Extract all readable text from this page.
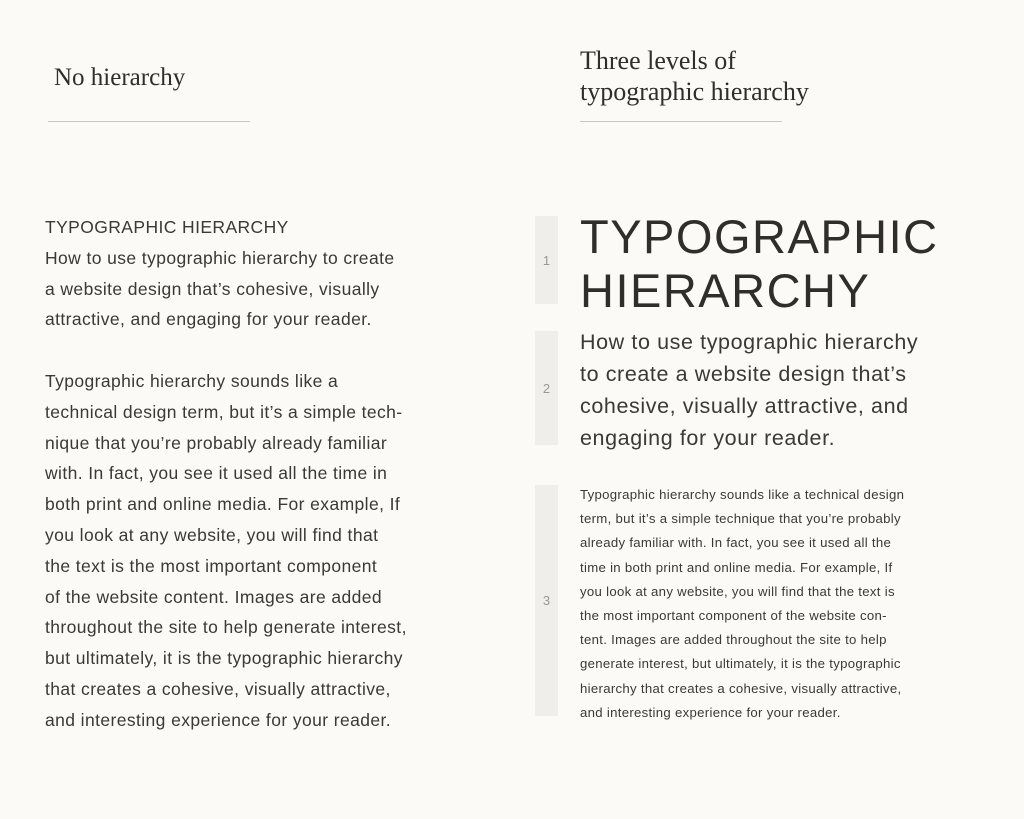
No hierarchy
Three levels of
typographic hierarchy
TYPOGRAPHIC HIERARCHY
How to use typographic hierarchy to create
a website design that’s cohesive, visually
attractive, and engaging for your reader.

Typographic hierarchy sounds like a
technical design term, but it’s a simple tech-
nique that you’re probably already familiar
with. In fact, you see it used all the time in
both print and online media. For example, If
you look at any website, you will find that
the text is the most important component
of the website content. Images are added
throughout the site to help generate interest,
but ultimately, it is the typographic hierarchy
that creates a cohesive, visually attractive,
and interesting experience for your reader.
1
2
3
TYPOGRAPHIC
HIERARCHY
How to use typographic hierarchy
to create a website design that’s
cohesive, visually attractive, and
engaging for your reader.
Typographic hierarchy sounds like a technical design
term, but it’s a simple technique that you’re probably
already familiar with. In fact, you see it used all the
time in both print and online media. For example, If
you look at any website, you will find that the text is
the most important component of the website con-
tent. Images are added throughout the site to help
generate interest, but ultimately, it is the typographic
hierarchy that creates a cohesive, visually attractive,
and interesting experience for your reader.
